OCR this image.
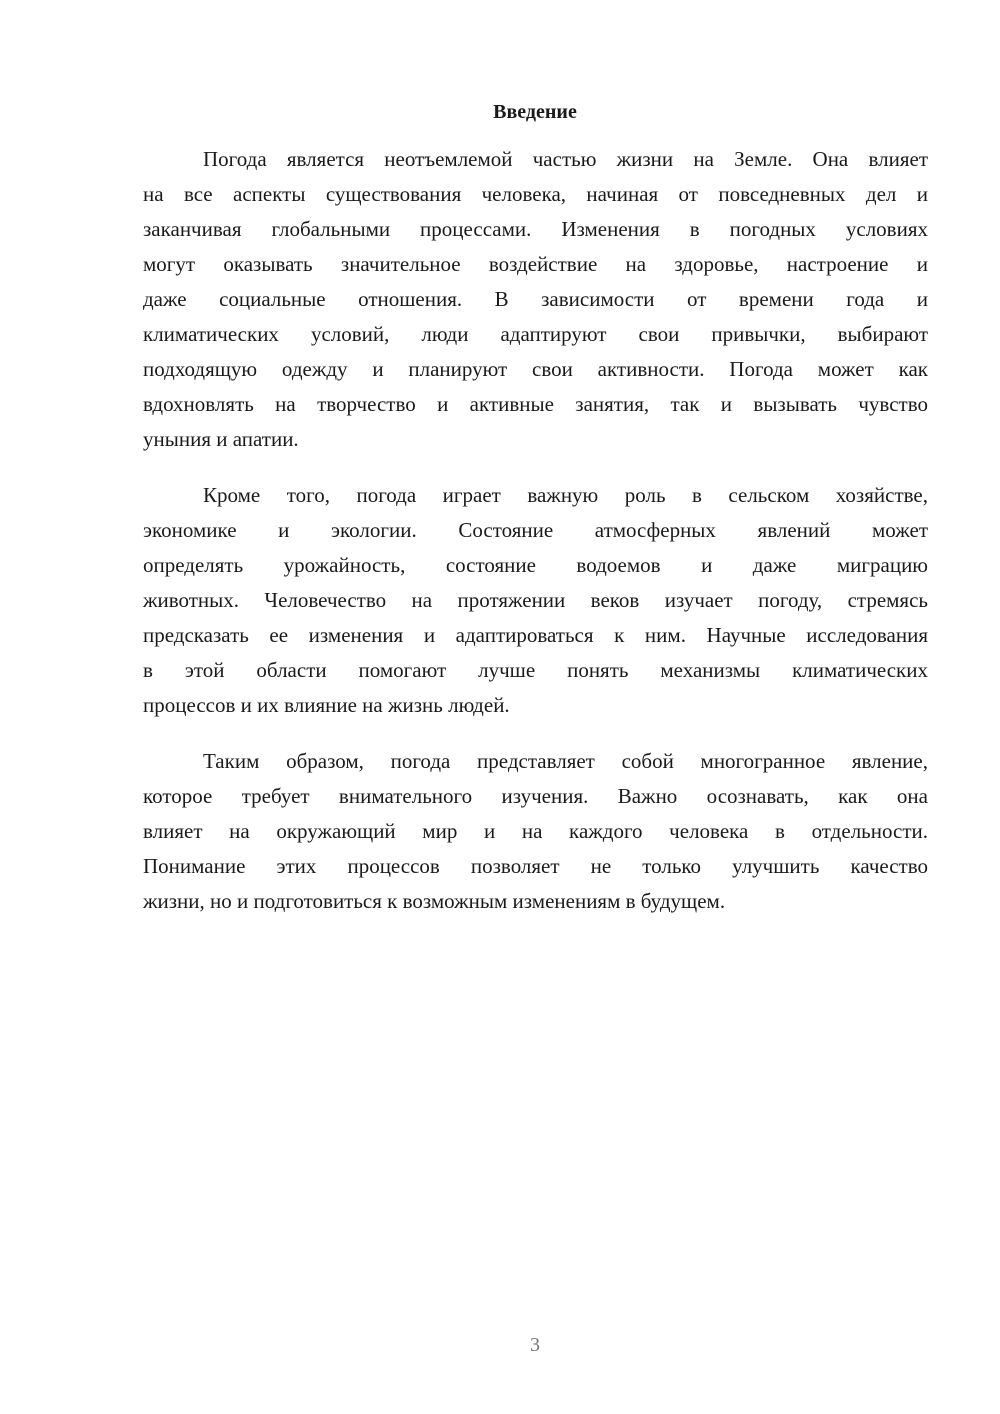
Введение
Погода является неотъемлемой частью жизни на Земле. Она влияет
на все аспекты существования человека, начиная от повседневных дел и
заканчивая глобальными процессами. Изменения в погодных условиях
могут оказывать значительное воздействие на здоровье, настроение и
даже социальные отношения. В зависимости от времени года и
климатических условий, люди адаптируют свои привычки, выбирают
подходящую одежду и планируют свои активности. Погода может как
вдохновлять на творчество и активные занятия, так и вызывать чувство
уныния и апатии.
Кроме того, погода играет важную роль в сельском хозяйстве,
экономике и экологии. Состояние атмосферных явлений может
определять урожайность, состояние водоемов и даже миграцию
животных. Человечество на протяжении веков изучает погоду, стремясь
предсказать ее изменения и адаптироваться к ним. Научные исследования
в этой области помогают лучше понять механизмы климатических
процессов и их влияние на жизнь людей.
Таким образом, погода представляет собой многогранное явление,
которое требует внимательного изучения. Важно осознавать, как она
влияет на окружающий мир и на каждого человека в отдельности.
Понимание этих процессов позволяет не только улучшить качество
жизни, но и подготовиться к возможным изменениям в будущем.
3
